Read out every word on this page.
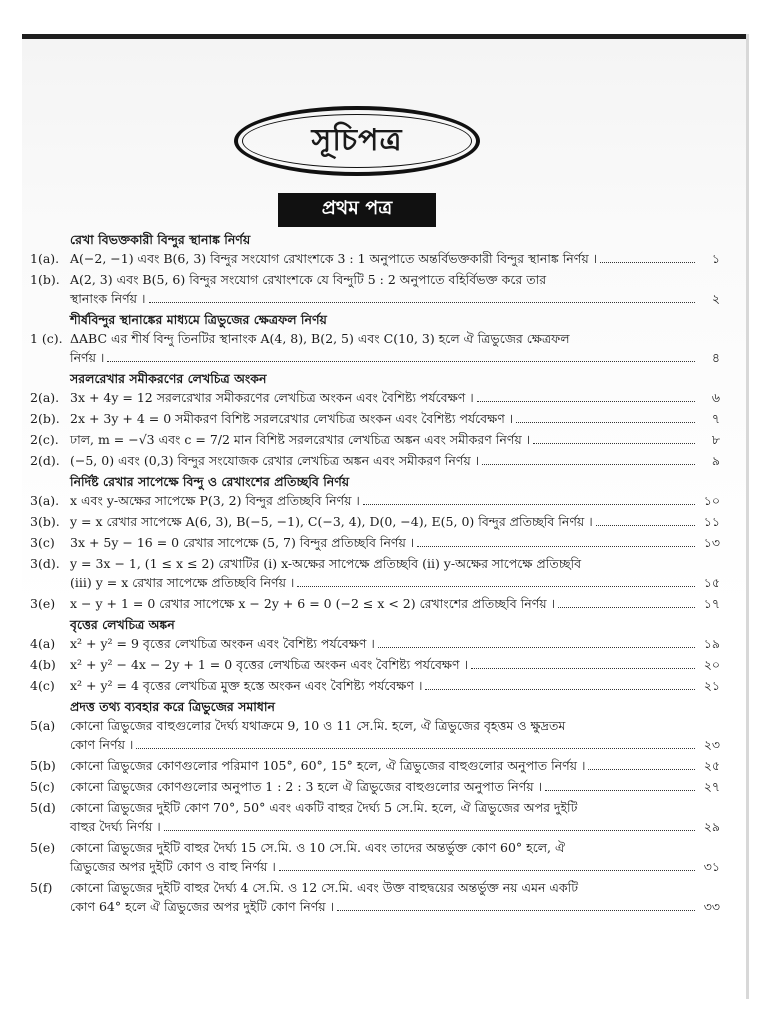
সূচিপত্র
প্রথম পত্র
রেখা বিভক্তকারী বিন্দুর স্থানাঙ্ক নির্ণয়
1(a). A(−2, −1) এবং B(6, 3) বিন্দুর সংযোগ রেখাংশকে 3 : 1 অনুপাতে অন্তর্বিভক্তকারী বিন্দুর স্থানাঙ্ক নির্ণয় ।	১
1(b). A(2, 3) এবং B(5, 6) বিন্দুর সংযোগ রেখাংশকে যে বিন্দুটি 5 : 2 অনুপাতে বহির্বিভক্ত করে তার
স্থানাংক নির্ণয় ।	২
শীর্ষবিন্দুর স্থানাঙ্কের মাধ্যমে ত্রিভুজের ক্ষেত্রফল নির্ণয়
1 (c). ΔABC এর শীর্ষ বিন্দু তিনটির স্থানাংক A(4, 8), B(2, 5) এবং C(10, 3) হলে ঐ ত্রিভুজের ক্ষেত্রফল
নির্ণয় ।	৪
সরলরেখার সমীকরণের লেখচিত্র অংকন
2(a). 3x + 4y = 12 সরলরেখার সমীকরণের লেখচিত্র অংকন এবং বৈশিষ্ট্য পর্যবেক্ষণ ।	৬
2(b). 2x + 3y + 4 = 0 সমীকরণ বিশিষ্ট সরলরেখার লেখচিত্র অংকন এবং বৈশিষ্ট্য পর্যবেক্ষণ ।	৭
2(c). ঢাল, m = −√3 এবং c = 7/2 মান বিশিষ্ট সরলরেখার লেখচিত্র অঙ্কন এবং সমীকরণ নির্ণয় ।	৮
2(d). (−5, 0) এবং (0,3) বিন্দুর সংযোজক রেখার লেখচিত্র অঙ্কন এবং সমীকরণ নির্ণয় ।	৯
নির্দিষ্ট রেখার সাপেক্ষে বিন্দু ও রেখাংশের প্রতিচ্ছবি নির্ণয়
3(a). x এবং y-অক্ষের সাপেক্ষে P(3, 2) বিন্দুর প্রতিচ্ছবি নির্ণয় ।	১০
3(b). y = x রেখার সাপেক্ষে A(6, 3), B(−5, −1), C(−3, 4), D(0, −4), E(5, 0) বিন্দুর প্রতিচ্ছবি নির্ণয় ।	১১
3(c)	3x + 5y − 16 = 0 রেখার সাপেক্ষে (5, 7) বিন্দুর প্রতিচ্ছবি নির্ণয় ।	১৩
3(d). y = 3x − 1, (1 ≤ x ≤ 2) রেখাটির (i) x-অক্ষের সাপেক্ষে প্রতিচ্ছবি (ii) y-অক্ষের সাপেক্ষে প্রতিচ্ছবি
(iii) y = x রেখার সাপেক্ষে প্রতিচ্ছবি নির্ণয় ।	১৫
3(e)	x − y + 1 = 0 রেখার সাপেক্ষে x − 2y + 6 = 0 (−2 ≤ x < 2) রেখাংশের প্রতিচ্ছবি নির্ণয় ।	১৭
বৃত্তের লেখচিত্র অঙ্কন
4(a)	x² + y² = 9 বৃত্তের লেখচিত্র অংকন এবং বৈশিষ্ট্য পর্যবেক্ষণ ।	১৯
4(b)	x² + y² − 4x − 2y + 1 = 0 বৃত্তের লেখচিত্র অংকন এবং বৈশিষ্ট্য পর্যবেক্ষণ ।	২০
4(c)	x² + y² = 4 বৃত্তের লেখচিত্র মুক্ত হস্তে অংকন এবং বৈশিষ্ট্য পর্যবেক্ষণ ।	২১
প্রদত্ত তথ্য ব্যবহার করে ত্রিভুজের সমাধান
5(a)	কোনো ত্রিভুজের বাহুগুলোর দৈর্ঘ্য যথাক্রমে 9, 10 ও 11 সে.মি. হলে, ঐ ত্রিভুজের বৃহত্তম ও ক্ষুদ্রতম
কোণ নির্ণয় ।	২৩
5(b)	কোনো ত্রিভুজের কোণগুলোর পরিমাণ 105°, 60°, 15° হলে, ঐ ত্রিভুজের বাহুগুলোর অনুপাত নির্ণয় ।	২৫
5(c)	কোনো ত্রিভুজের কোণগুলোর অনুপাত 1 : 2 : 3 হলে ঐ ত্রিভুজের বাহুগুলোর অনুপাত নির্ণয় ।	২৭
5(d)	কোনো ত্রিভুজের দুইটি কোণ 70°, 50° এবং একটি বাহুর দৈর্ঘ্য 5 সে.মি. হলে, ঐ ত্রিভুজের অপর দুইটি
বাহুর দৈর্ঘ্য নির্ণয় ।	২৯
5(e)	কোনো ত্রিভুজের দুইটি বাহুর দৈর্ঘ্য 15 সে.মি. ও 10 সে.মি. এবং তাদের অন্তর্ভুক্ত কোণ 60° হলে, ঐ
ত্রিভুজের অপর দুইটি কোণ ও বাহু নির্ণয় ।	৩১
5(f)	কোনো ত্রিভুজের দুইটি বাহুর দৈর্ঘ্য 4 সে.মি. ও 12 সে.মি. এবং উক্ত বাহুদ্বয়ের অন্তর্ভুক্ত নয় এমন একটি
কোণ 64° হলে ঐ ত্রিভুজের অপর দুইটি কোণ নির্ণয় ।	৩৩
